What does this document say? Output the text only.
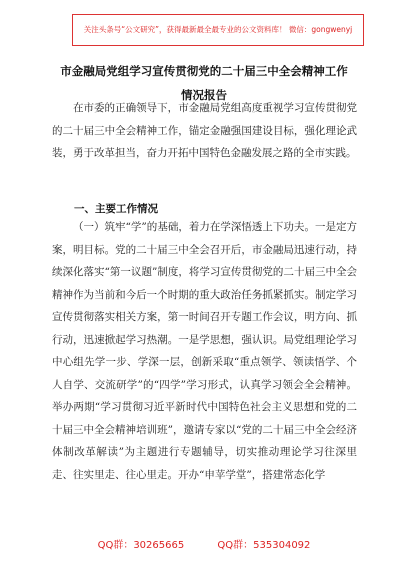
关注头条号“公文研究”，获得最新最全最专业的公文资料库！ 微信：gongwenyj
市金融局党组学习宣传贯彻党的二十届三中全会精神工作
情况报告
在市委的正确领导下，市金融局党组高度重视学习宣传贯彻党的二十届三中全会精神工作，锚定金融强国建设目标，强化理论武装，勇于改革担当，奋力开拓中国特色金融发展之路的全市实践。
一、主要工作情况
（一）筑牢“学”的基础，着力在学深悟透上下功夫。一是定方案，明目标。党的二十届三中全会召开后，市金融局迅速行动，持续深化落实“第一议题”制度，将学习宣传贯彻党的二十届三中全会精神作为当前和今后一个时期的重大政治任务抓紧抓实。制定学习宣传贯彻落实相关方案，第一时间召开专题工作会议，明方向、抓行动，迅速掀起学习热潮。一是学思想，强认识。局党组理论学习中心组先学一步、学深一层，创新采取“重点领学、领读悟学、个人自学、交流研学”的“四学”学习形式，认真学习领会全会精神。举办两期“学习贯彻习近平新时代中国特色社会主义思想和党的二十届三中全会精神培训班”，邀请专家以“党的二十届三中全会经济体制改革解读”为主题进行专题辅导，切实推动理论学习往深里走、往实里走、往心里走。开办“申苹学堂”，搭建常态化学
QQ群：30265665	QQ群：535304092
